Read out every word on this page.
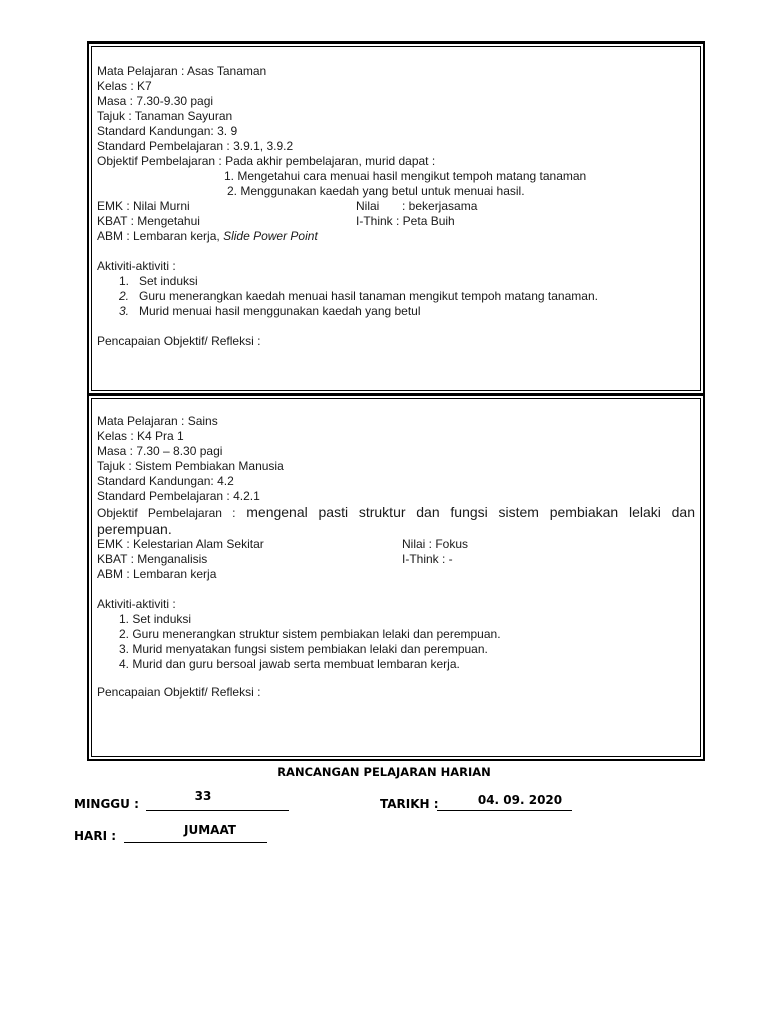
Mata Pelajaran : Asas Tanaman
Kelas : K7
Masa : 7.30-9.30 pagi
Tajuk : Tanaman Sayuran
Standard Kandungan: 3. 9
Standard Pembelajaran : 3.9.1, 3.9.2
Objektif Pembelajaran : Pada akhir pembelajaran, murid dapat :
1. Mengetahui cara menuai hasil mengikut tempoh matang tanaman
2. Menggunakan kaedah yang betul untuk menuai hasil.
EMK : Nilai Murni	Nilai : bekerjasama
KBAT : Mengetahui	I-Think : Peta Buih
ABM : Lembaran kerja, Slide Power Point
Aktiviti-aktiviti :
1. Set induksi
2. Guru menerangkan kaedah menuai hasil tanaman mengikut tempoh matang tanaman.
3. Murid menuai hasil menggunakan kaedah yang betul
Pencapaian Objektif/ Refleksi :
Mata Pelajaran : Sains
Kelas : K4 Pra 1
Masa : 7.30 – 8.30 pagi
Tajuk : Sistem Pembiakan Manusia
Standard Kandungan: 4.2
Standard Pembelajaran : 4.2.1
Objektif Pembelajaran : mengenal pasti struktur dan fungsi sistem pembiakan lelaki dan perempuan.
EMK : Kelestarian Alam Sekitar	Nilai : Fokus
KBAT : Menganalisis	I-Think : -
ABM : Lembaran kerja
Aktiviti-aktiviti :
1. Set induksi
2. Guru menerangkan struktur sistem pembiakan lelaki dan perempuan.
3. Murid menyatakan fungsi sistem pembiakan lelaki dan perempuan.
4. Murid dan guru bersoal jawab serta membuat lembaran kerja.
Pencapaian Objektif/ Refleksi :
RANCANGAN PELAJARAN HARIAN
MINGGU :
33
TARIKH :	04. 09. 2020
HARI :	JUMAAT
